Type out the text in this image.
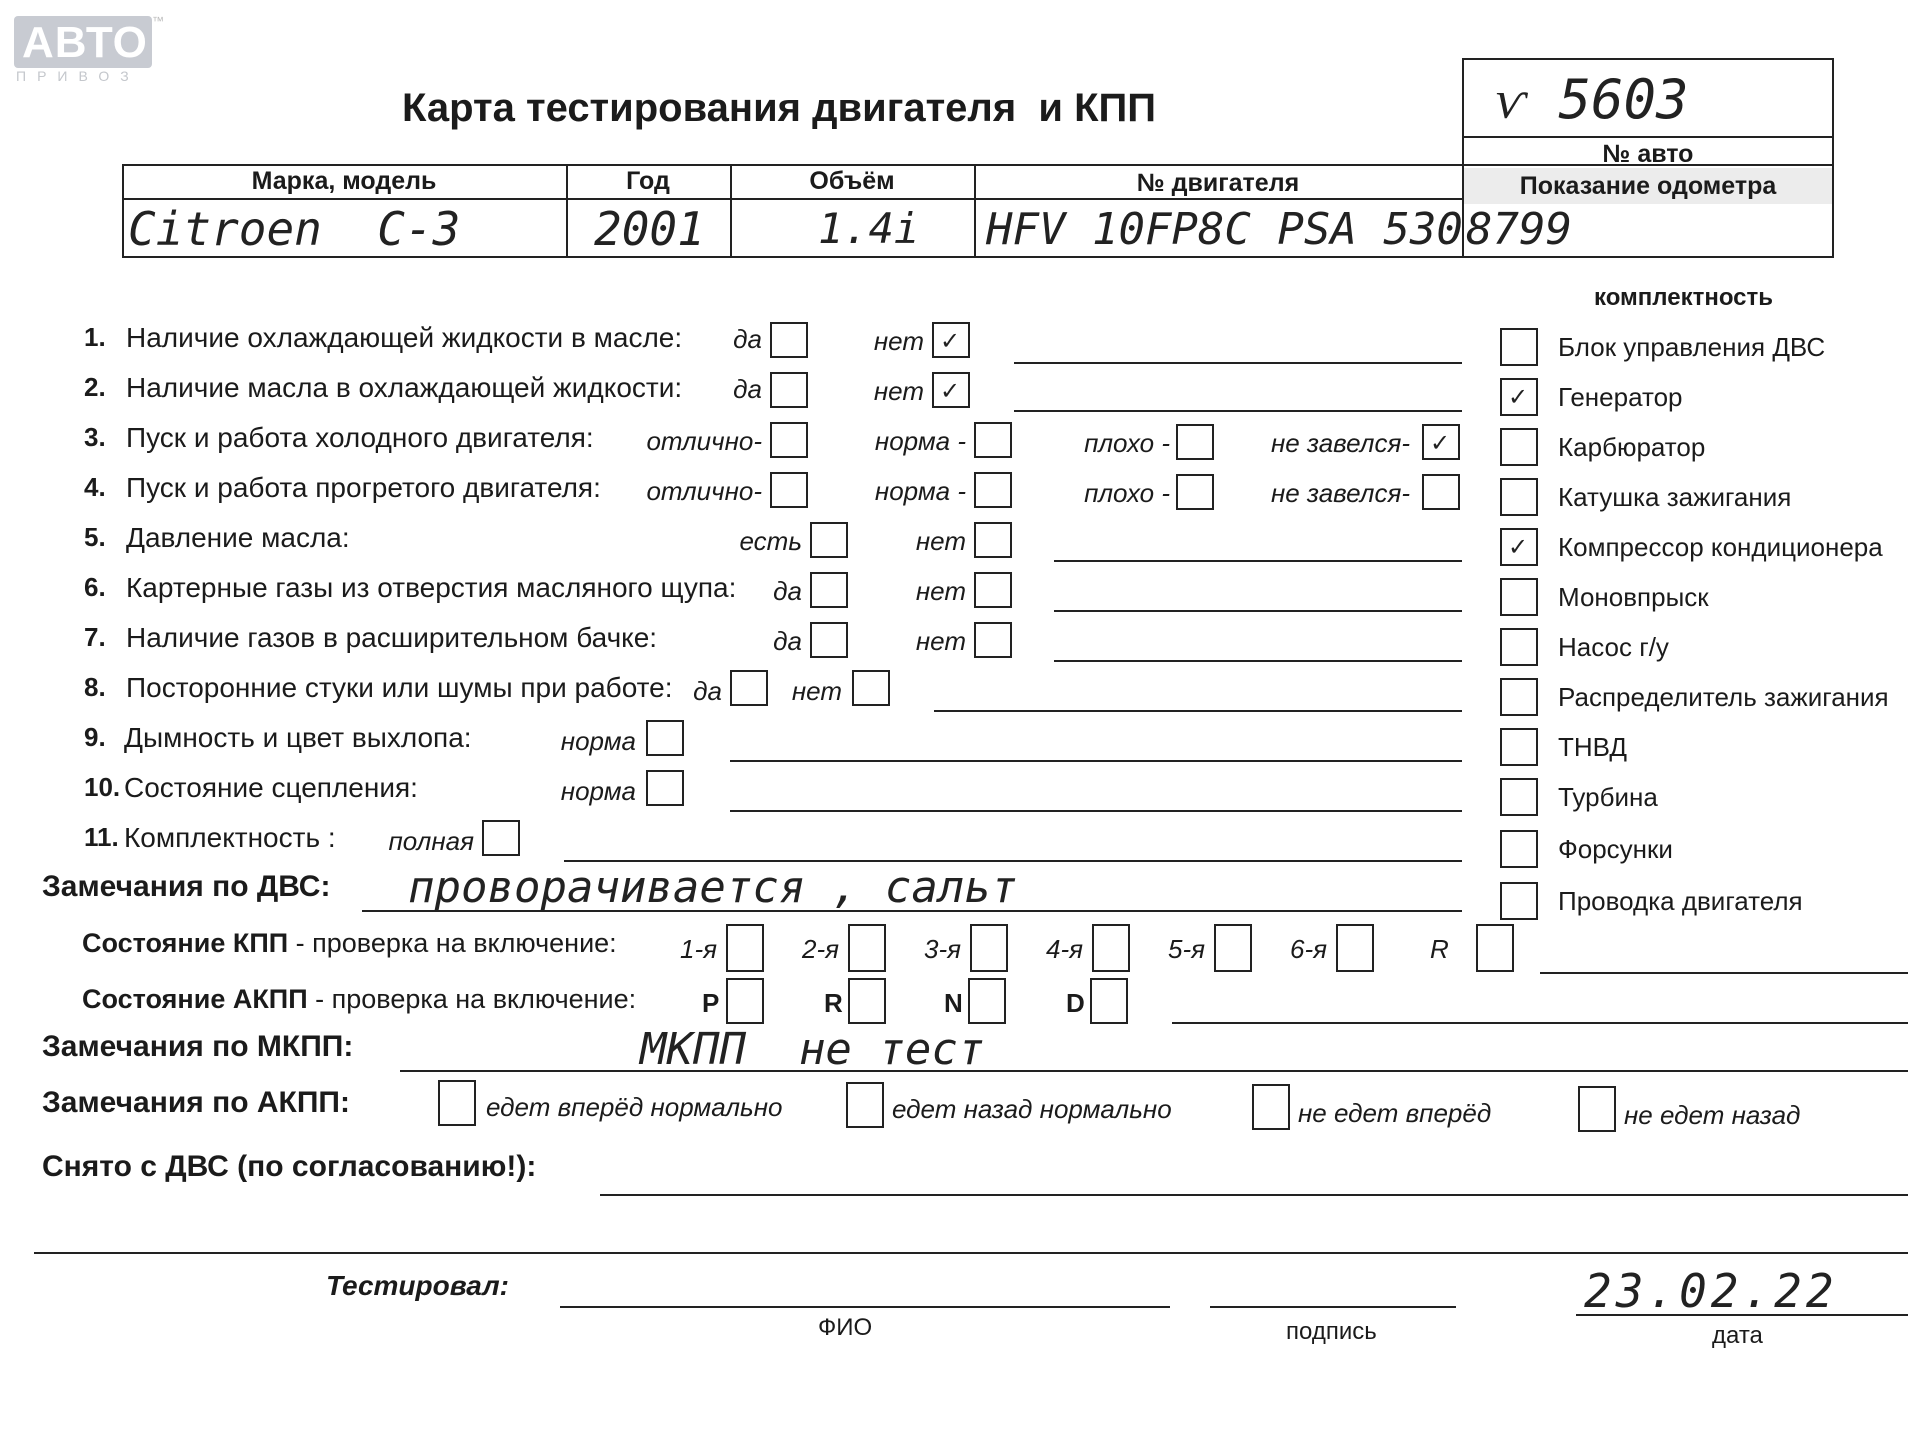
АВТО ™
ПРИВОЗ
Карта тестирования двигателя  и КПП	ѵ 5603
№ авто
Марка, модель	Год	Объём	№ двигателя	Показание одометра
Citroen  C-3	2001	1.4i HFV 10FP8C PSA 530 8799
комплектность
Блок управления ДВС
✓ Генератор
Карбюратор
Катушка зажигания
✓ Компрессор кондиционера
Моновпрыск
Насос г/у
Распределитель зажигания
ТНВД
Турбина
Форсунки
Проводка двигателя
1. Наличие охлаждающей жидкости в масле:	да	нет ✓
2. Наличие масла в охлаждающей жидкости:	да	нет ✓
3. Пуск и работа холодного двигателя:	отлично-	норма -	плохо -	не завелся- ✓
4. Пуск и работа прогретого двигателя:	отлично-	норма -	плохо -	не завелся-
5. Давление масла:	есть	нет
6. Картерные газы из отверстия масляного щупа:	да	нет
7. Наличие газов в расширительном бачке:	да	нет
8. Посторонние стуки или шумы при работе: да	нет
9. Дымность и цвет выхлопа:	норма
10. Состояние сцепления:	норма
11. Комплектность :	полная
Замечания по ДВС: проворачивается , сальт
Состояние КПП - проверка на включение: 1-я	2-я	3-я	4-я	5-я	6-я	R
Состояние АКПП - проверка на включение:	P	R	N	D
Замечания по МКПП:	МКПП  не тест
Замечания по АКПП:	едет вперёд нормально	едет назад нормально	не едет вперёд	не едет назад
Снято с ДВС (по согласованию!):
Тестировал:
ФИО	подпись
23.02.22
дата
